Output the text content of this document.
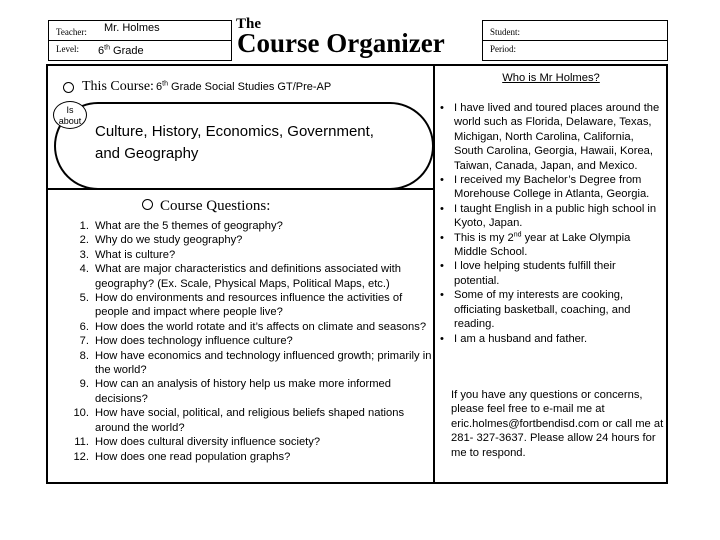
Teacher: Mr. Holmes
Level: 6th Grade
The
Course Organizer	Student:
Period:
This Course: 6th Grade Social Studies GT/Pre-AP
Is about
Culture, History, Economics, Government, and Geography
Course Questions:
1 . What are the 5 themes of geography?
2 . Why do we study geography?
3 . What is culture?
4 . What are major characteristics and definitions associated with geography? (Ex. Scale, Physical Maps, Political Maps, etc.)
5 . How do environments and resources influence the activities of people and impact where people live?
6 . How does the world rotate and it’s affects on climate and seasons?
7 . How does technology influence culture?
8 . How have economics and technology influenced growth; primarily in the world?
9 . How can an analysis of history help us make more informed decisions?
10 . How have social, political, and religious beliefs shaped nations around the world?
11 . How does cultural diversity influence society?
12 . How does one read population graphs?
Who is Mr Holmes?
• I have lived and toured places around the world such as Florida, Delaware, Texas, Michigan, North Carolina, California, South Carolina, Georgia, Hawaii, Korea, Taiwan, Canada, Japan, and Mexico.
• I received my Bachelor’s Degree from Morehouse College in Atlanta, Georgia.
• I taught English in a public high school in Kyoto, Japan.
• This is my 2nd year at Lake Olympia Middle School.
• I love helping students fulfill their potential.
• Some of my interests are cooking, officiating basketball, coaching, and reading.
• I am a husband and father.
If you have any questions or concerns, please feel free to e-mail me at eric.holmes@fortbendisd.com or call me at 281- 327-3637. Please allow 24 hours for me to respond.
